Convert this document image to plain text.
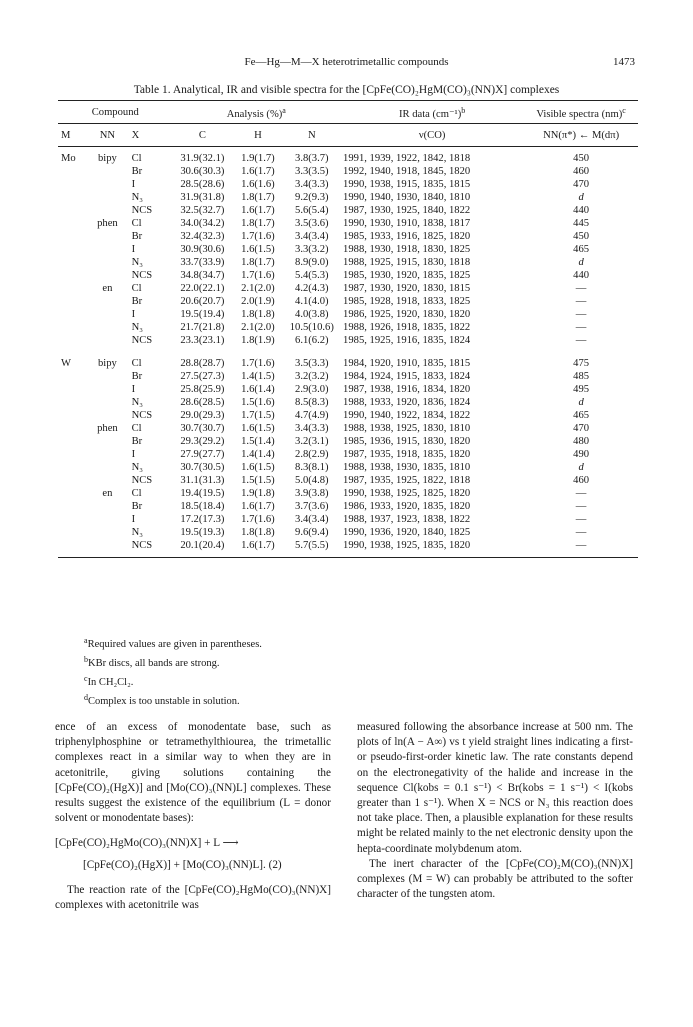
Fe—Hg—M—X heterotrimetallic compounds	1473
Table 1. Analytical, IR and visible spectra for the [CpFe(CO)₂HgM(CO)₃(NN)X] complexes
Compound			Analysis (%)$^a$			IR data $(cm^{-1})^b$	Visible spectra (nm)$^c$
M	NN	X	C	H	N	ν(CO)	NN(π*) ← M(dπ)
Mo	bipy	Cl	31.9(32.1)	1.9(1.7)	3.8(3.7)	1991, 1939, 1922, 1842, 1818	450
		Br	30.6(30.3)	1.6(1.7)	3.3(3.5)	1992, 1940, 1918, 1845, 1820	460
		I	28.5(28.6)	1.6(1.6)	3.4(3.3)	1990, 1938, 1915, 1835, 1815	470
		N₃	31.9(31.8)	1.8(1.7)	9.2(9.3)	1990, 1940, 1930, 1840, 1810	d
		NCS	32.5(32.7)	1.6(1.7)	5.6(5.4)	1987, 1930, 1925, 1840, 1822	440
	phen	Cl	34.0(34.2)	1.8(1.7)	3.5(3.6)	1990, 1930, 1910, 1838, 1817	445
		Br	32.4(32.3)	1.7(1.6)	3.4(3.4)	1985, 1933, 1916, 1825, 1820	450
		I	30.9(30.6)	1.6(1.5)	3.3(3.2)	1988, 1930, 1918, 1830, 1825	465
		N₃	33.7(33.9)	1.8(1.7)	8.9(9.0)	1988, 1925, 1915, 1830, 1818	d
		NCS	34.8(34.7)	1.7(1.6)	5.4(5.3)	1985, 1930, 1920, 1835, 1825	440
	en	Cl	22.0(22.1)	2.1(2.0)	4.2(4.3)	1987, 1930, 1920, 1830, 1815	—
		Br	20.6(20.7)	2.0(1.9)	4.1(4.0)	1985, 1928, 1918, 1833, 1825	—
		I	19.5(19.4)	1.8(1.8)	4.0(3.8)	1986, 1925, 1920, 1830, 1820	—
		N₃	21.7(21.8)	2.1(2.0)	10.5(10.6)	1988, 1926, 1918, 1835, 1822	—
		NCS	23.3(23.1)	1.8(1.9)	6.1(6.2)	1985, 1925, 1916, 1835, 1824	—
W	bipy	Cl	28.8(28.7)	1.7(1.6)	3.5(3.3)	1984, 1920, 1910, 1835, 1815	475
		Br	27.5(27.3)	1.4(1.5)	3.2(3.2)	1984, 1924, 1915, 1833, 1824	485
		I	25.8(25.9)	1.6(1.4)	2.9(3.0)	1987, 1938, 1916, 1834, 1820	495
		N₃	28.6(28.5)	1.5(1.6)	8.5(8.3)	1988, 1933, 1920, 1836, 1824	d
		NCS	29.0(29.3)	1.7(1.5)	4.7(4.9)	1990, 1940, 1922, 1834, 1822	465
	phen	Cl	30.7(30.7)	1.6(1.5)	3.4(3.3)	1988, 1938, 1925, 1830, 1810	470
		Br	29.3(29.2)	1.5(1.4)	3.2(3.1)	1985, 1936, 1915, 1830, 1820	480
		I	27.9(27.7)	1.4(1.4)	2.8(2.9)	1987, 1935, 1918, 1835, 1820	490
		N₃	30.7(30.5)	1.6(1.5)	8.3(8.1)	1988, 1938, 1930, 1835, 1810	d
		NCS	31.1(31.3)	1.5(1.5)	5.0(4.8)	1987, 1935, 1925, 1822, 1818	460
	en	Cl	19.4(19.5)	1.9(1.8)	3.9(3.8)	1990, 1938, 1925, 1825, 1820	—
		Br	18.5(18.4)	1.6(1.7)	3.7(3.6)	1986, 1933, 1920, 1835, 1820	—
		I	17.2(17.3)	1.7(1.6)	3.4(3.4)	1988, 1937, 1923, 1838, 1822	—
		N₃	19.5(19.3)	1.8(1.8)	9.6(9.4)	1990, 1936, 1920, 1840, 1825	—
		NCS	20.1(20.4)	1.6(1.7)	5.7(5.5)	1990, 1938, 1925, 1835, 1820	—
$^a$Required values are given in parentheses.
$^b$KBr discs, all bands are strong.
$^c$In CH₂Cl₂.
$^d$Complex is too unstable in solution.

ence of an excess of monodentate base, such as triphenylphosphine or tetramethylthiourea, the trimetallic complexes react in a similar way to when they are in acetonitrile, giving solutions containing the [CpFe(CO)₂(HgX)] and [Mo(CO)₃(NN)L] complexes. These results suggest the existence of the equilibrium (L = donor solvent or monodentate bases):

[CpFe(CO)₂HgMo(CO)₃(NN)X] + L ⟶
[CpFe(CO)₂(HgX)] + [Mo(CO)₃(NN)L]. (2)

The reaction rate of the [CpFe(CO)₂HgMo(CO)₃(NN)X] complexes with acetonitrile was

measured following the absorbance increase at 500 nm. The plots of ln(A − A∞) vs t yield straight lines indicating a first- or pseudo-first-order kinetic law. The rate constants depend on the electronegativity of the halide and increase in the sequence Cl(kobs = 0.1 s⁻¹) < Br(kobs = 1 s⁻¹) < I(kobs greater than 1 s⁻¹). When X = NCS or N₃ this reaction does not take place. Then, a plausible explanation for these results might be related mainly to the net electronic density upon the hepta-coordinate molybdenum atom.

The inert character of the [CpFe(CO)₂M(CO)₃(NN)X] complexes (M = W) can probably be attributed to the softer character of the tungsten atom.
